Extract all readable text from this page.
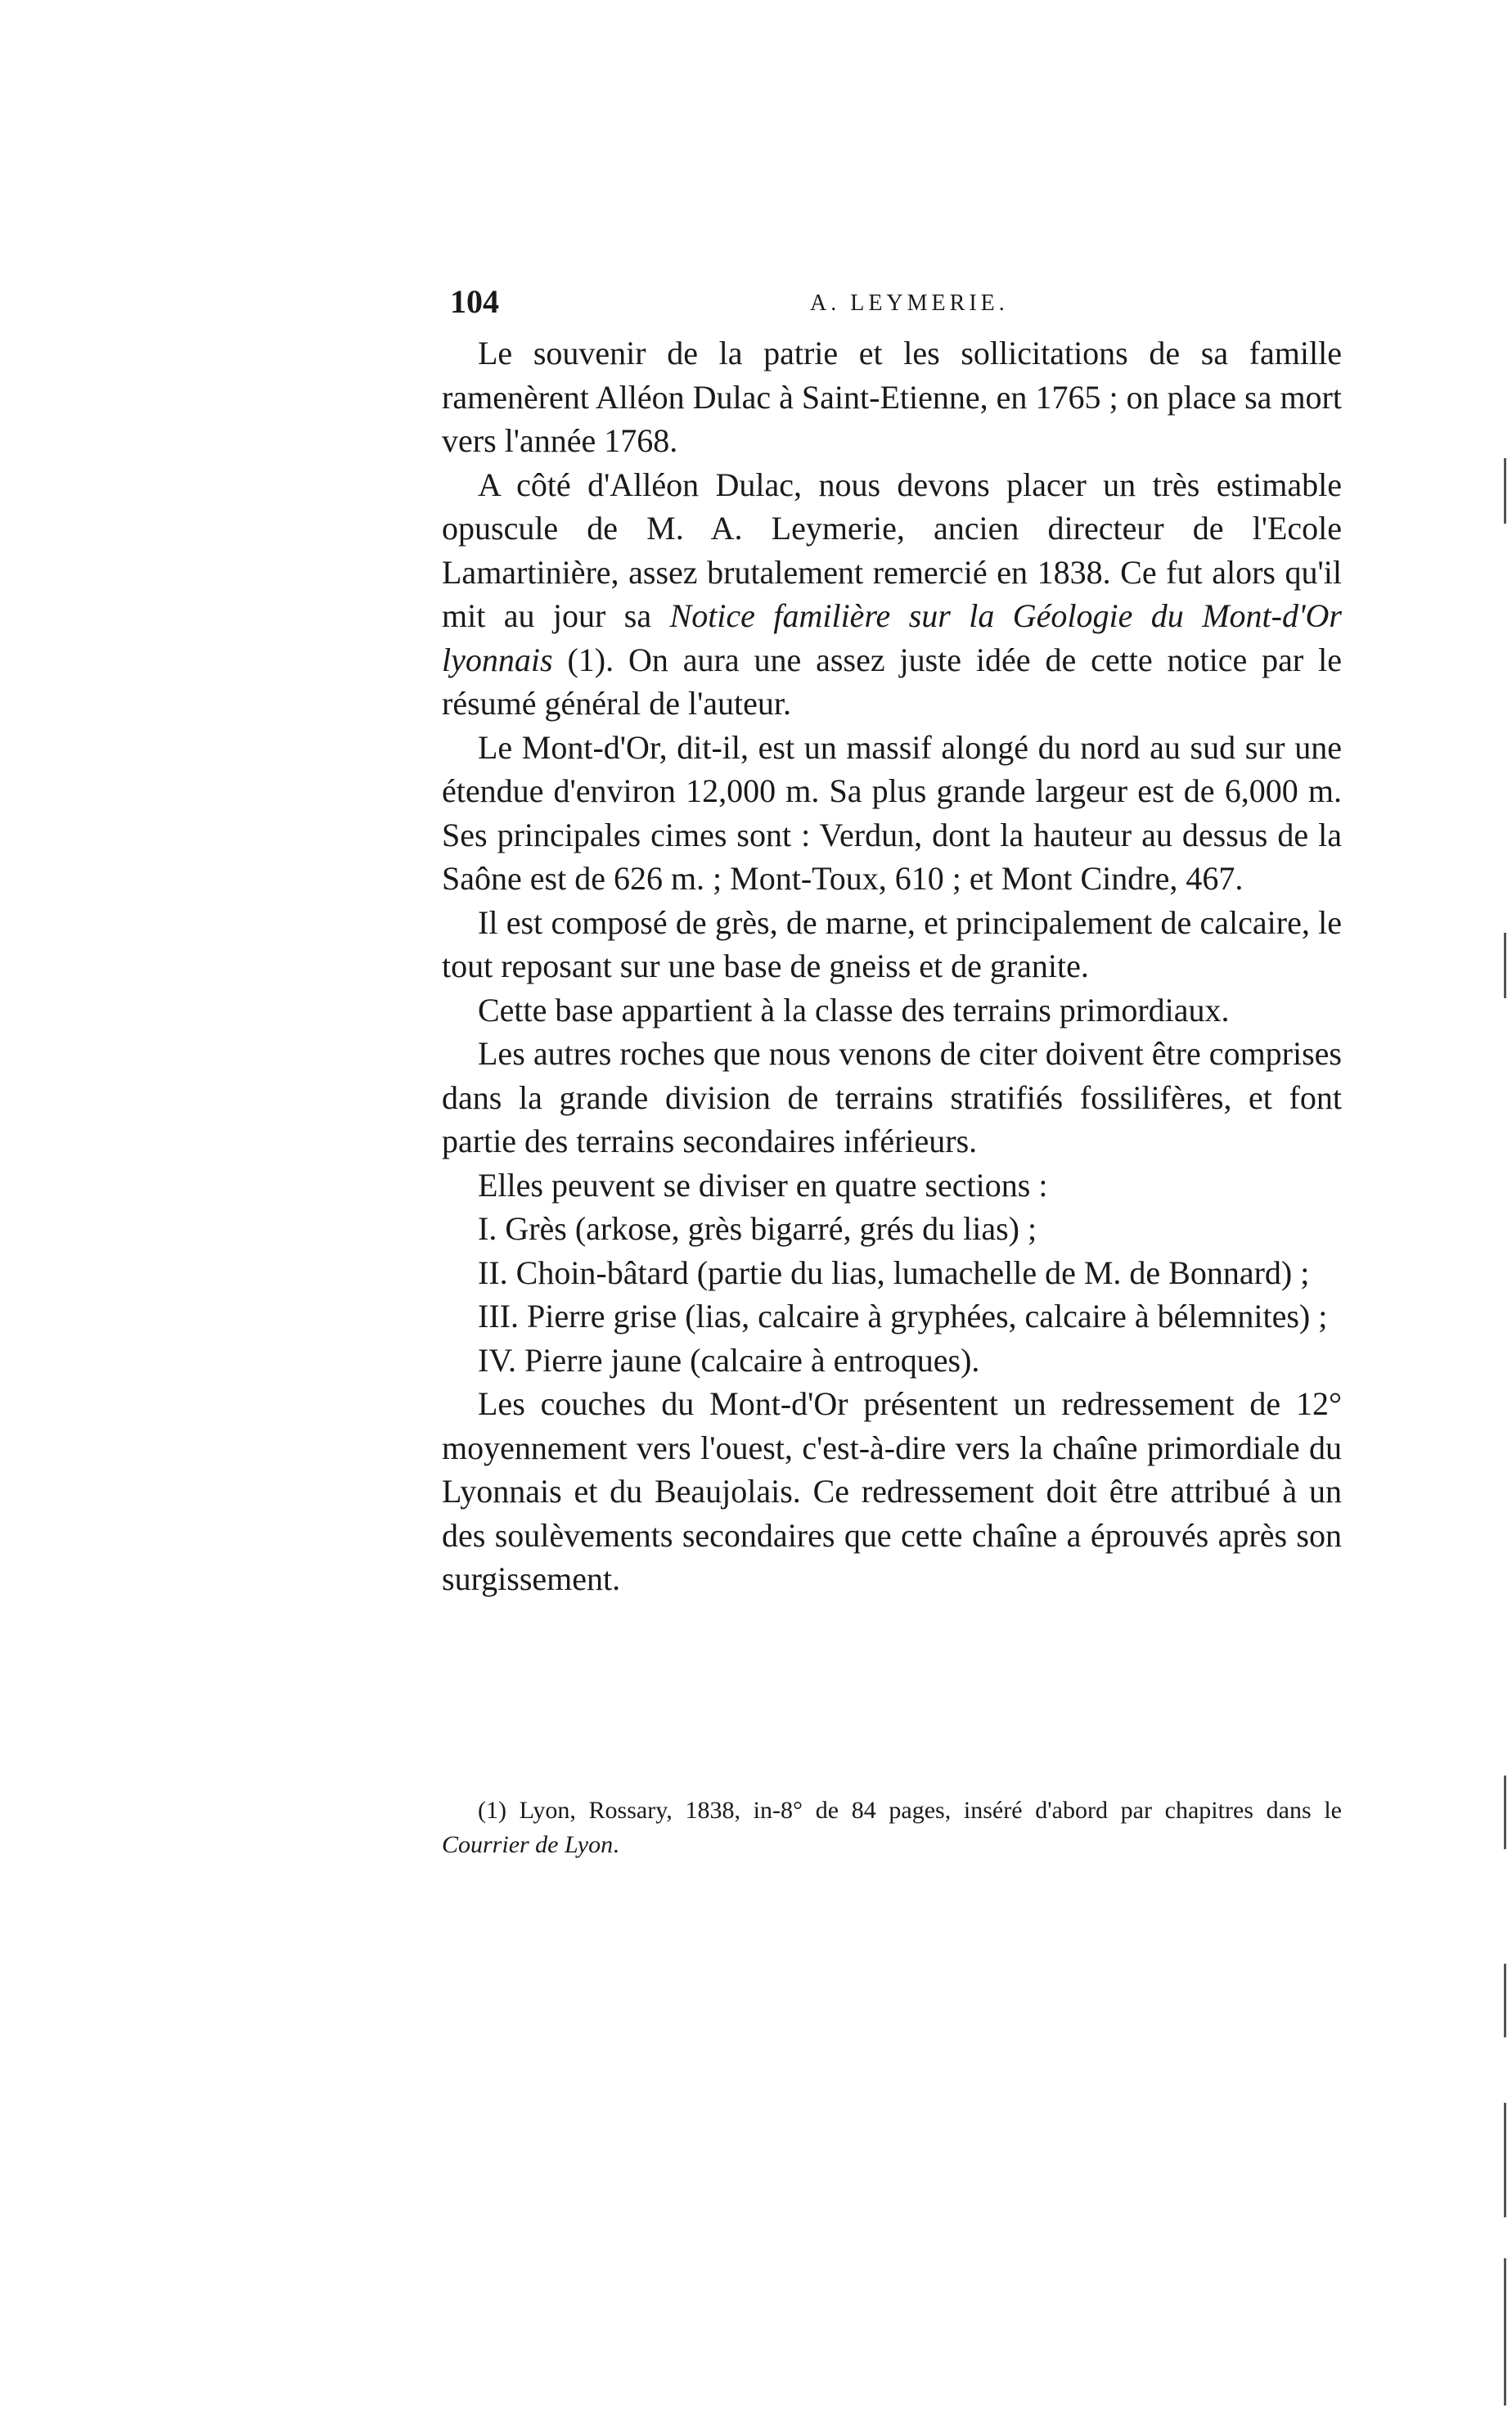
104	A. LEYMERIE.

Le souvenir de la patrie et les sollicitations de sa famille ramenèrent Alléon Dulac à Saint-Etienne, en 1765 ; on place sa mort vers l'année 1768.

A côté d'Alléon Dulac, nous devons placer un très estimable opuscule de M. A. Leymerie, ancien directeur de l'Ecole Lamartinière, assez brutalement remercié en 1838. Ce fut alors qu'il mit au jour sa Notice familière sur la Géologie du Mont-d'Or lyonnais (1). On aura une assez juste idée de cette notice par le résumé général de l'auteur.

Le Mont-d'Or, dit-il, est un massif alongé du nord au sud sur une étendue d'environ 12,000 m. Sa plus grande largeur est de 6,000 m. Ses principales cimes sont : Verdun, dont la hauteur au dessus de la Saône est de 626 m. ; Mont-Toux, 610 ; et Mont Cindre, 467.

Il est composé de grès, de marne, et principalement de calcaire, le tout reposant sur une base de gneiss et de granite.

Cette base appartient à la classe des terrains primordiaux.

Les autres roches que nous venons de citer doivent être comprises dans la grande division de terrains stratifiés fossilifères, et font partie des terrains secondaires inférieurs.

Elles peuvent se diviser en quatre sections :

I. Grès (arkose, grès bigarré, grés du lias) ;

II. Choin-bâtard (partie du lias, lumachelle de M. de Bonnard) ;

III. Pierre grise (lias, calcaire à gryphées, calcaire à bélemnites) ;

IV. Pierre jaune (calcaire à entroques).

Les couches du Mont-d'Or présentent un redressement de 12° moyennement vers l'ouest, c'est-à-dire vers la chaîne primordiale du Lyonnais et du Beaujolais. Ce redressement doit être attribué à un des soulèvements secondaires que cette chaîne a éprouvés après son surgissement.

(1) Lyon, Rossary, 1838, in-8° de 84 pages, inséré d'abord par chapitres dans le Courrier de Lyon.
